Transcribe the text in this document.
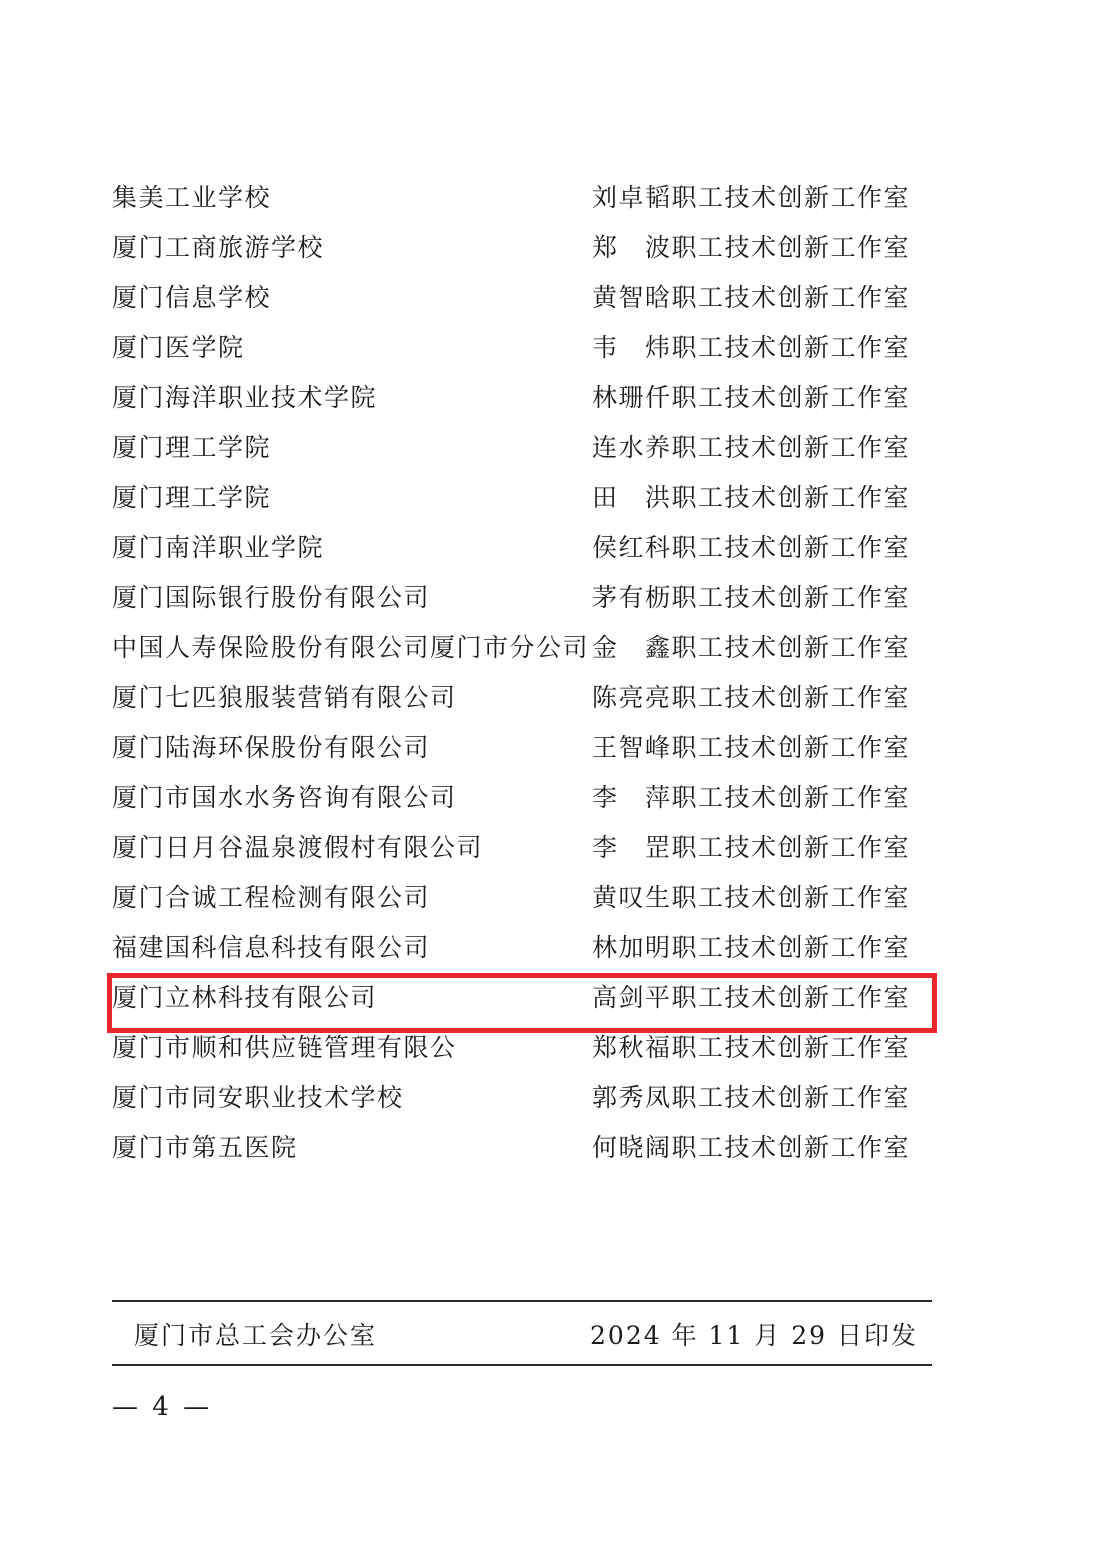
集美工业学校	刘卓韬职工技术创新工作室
厦门工商旅游学校	郑　波职工技术创新工作室
厦门信息学校	黄智晗职工技术创新工作室
厦门医学院	韦　炜职工技术创新工作室
厦门海洋职业技术学院	林珊仟职工技术创新工作室
厦门理工学院	连水养职工技术创新工作室
厦门理工学院	田　洪职工技术创新工作室
厦门南洋职业学院	侯红科职工技术创新工作室
厦门国际银行股份有限公司	茅有枥职工技术创新工作室
中国人寿保险股份有限公司厦门市分公司 金　鑫职工技术创新工作室
厦门七匹狼服装营销有限公司	陈亮亮职工技术创新工作室
厦门陆海环保股份有限公司	王智峰职工技术创新工作室
厦门市国水水务咨询有限公司	李　萍职工技术创新工作室
厦门日月谷温泉渡假村有限公司	李　罡职工技术创新工作室
厦门合诚工程检测有限公司	黄叹生职工技术创新工作室
福建国科信息科技有限公司	林加明职工技术创新工作室
厦门立林科技有限公司	高剑平职工技术创新工作室
厦门市顺和供应链管理有限公	郑秋福职工技术创新工作室
厦门市同安职业技术学校	郭秀凤职工技术创新工作室
厦门市第五医院	何晓阔职工技术创新工作室
厦门市总工会办公室	2024 年 11 月 29 日印发
— 4 —
